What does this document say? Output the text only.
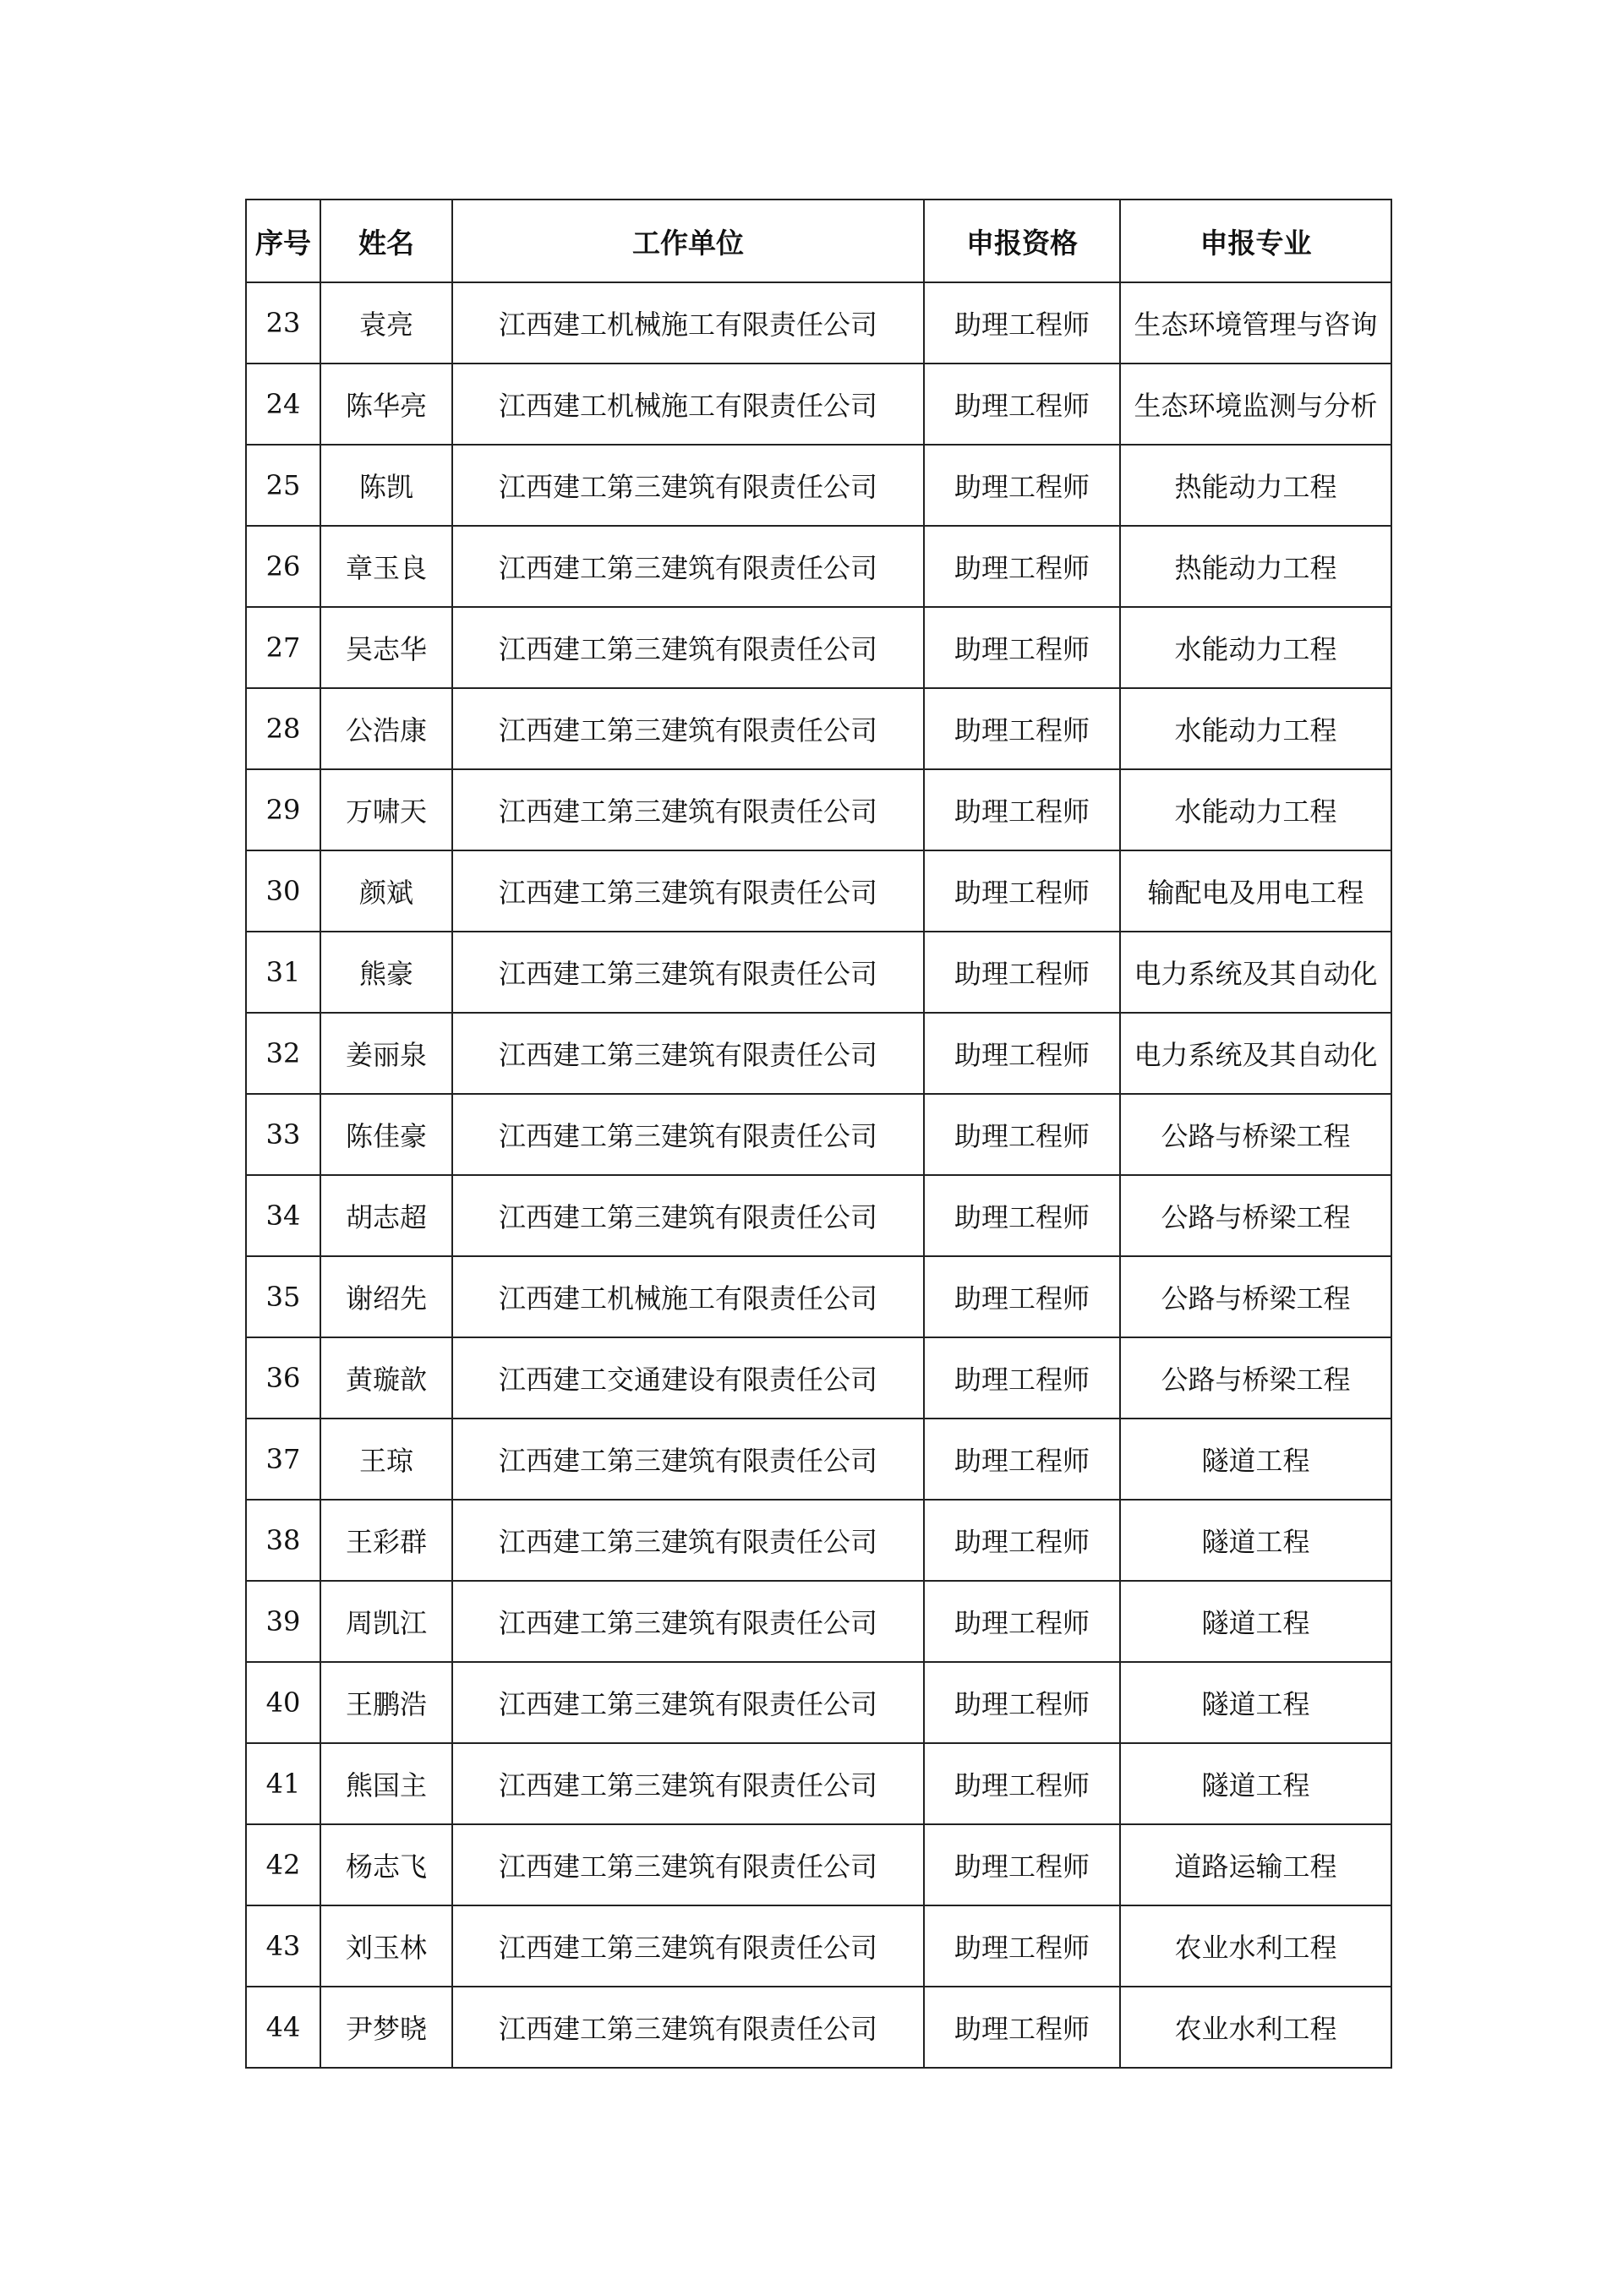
序号	姓名	工作单位	申报资格	申报专业
23	袁亮	江西建工机械施工有限责任公司	助理工程师	生态环境管理与咨询
24	陈华亮	江西建工机械施工有限责任公司	助理工程师	生态环境监测与分析
25	陈凯	江西建工第三建筑有限责任公司	助理工程师	热能动力工程
26	章玉良	江西建工第三建筑有限责任公司	助理工程师	热能动力工程
27	吴志华	江西建工第三建筑有限责任公司	助理工程师	水能动力工程
28	公浩康	江西建工第三建筑有限责任公司	助理工程师	水能动力工程
29	万啸天	江西建工第三建筑有限责任公司	助理工程师	水能动力工程
30	颜斌	江西建工第三建筑有限责任公司	助理工程师	输配电及用电工程
31	熊豪	江西建工第三建筑有限责任公司	助理工程师	电力系统及其自动化
32	姜丽泉	江西建工第三建筑有限责任公司	助理工程师	电力系统及其自动化
33	陈佳豪	江西建工第三建筑有限责任公司	助理工程师	公路与桥梁工程
34	胡志超	江西建工第三建筑有限责任公司	助理工程师	公路与桥梁工程
35	谢绍先	江西建工机械施工有限责任公司	助理工程师	公路与桥梁工程
36	黄璇歆	江西建工交通建设有限责任公司	助理工程师	公路与桥梁工程
37	王琼	江西建工第三建筑有限责任公司	助理工程师	隧道工程
38	王彩群	江西建工第三建筑有限责任公司	助理工程师	隧道工程
39	周凯江	江西建工第三建筑有限责任公司	助理工程师	隧道工程
40	王鹏浩	江西建工第三建筑有限责任公司	助理工程师	隧道工程
41	熊国主	江西建工第三建筑有限责任公司	助理工程师	隧道工程
42	杨志飞	江西建工第三建筑有限责任公司	助理工程师	道路运输工程
43	刘玉林	江西建工第三建筑有限责任公司	助理工程师	农业水利工程
44	尹梦晓	江西建工第三建筑有限责任公司	助理工程师	农业水利工程
